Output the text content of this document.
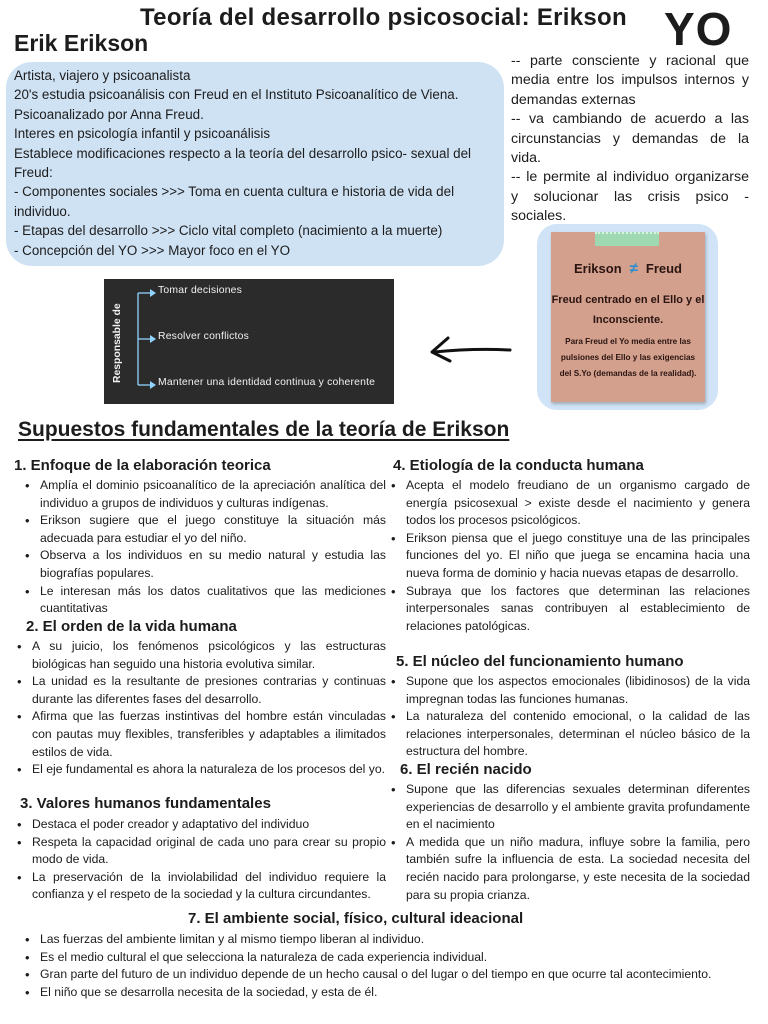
Teoría del desarrollo psicosocial: Erikson YO
Erik Erikson
Artista, viajero y psicoanalista
20's estudia psicoanálisis con Freud en el Instituto Psicoanalítico de Viena.
Psicoanalizado por Anna Freud.
Interes en psicología infantil y psicoanálisis
Establece modificaciones respecto a la teoría del desarrollo psico- sexual del Freud:
- Componentes sociales >>> Toma en cuenta cultura e historia de vida del individuo.
- Etapas del desarrollo >>> Ciclo vital completo (nacimiento a la muerte)
- Concepción del YO >>> Mayor foco en el YO

-- parte consciente y racional que media entre los impulsos internos y demandas externas

-- va cambiando de acuerdo a las circunstancias y demandas de la vida.

-- le permite al individuo organizarse y solucionar las crisis psico - sociales.

Erikson ≠ Freud
Freud centrado en el Ello y el Inconsciente.
Para Freud el Yo media entre las pulsiones del Ello y las exigencias del S.Yo (demandas de la realidad).
Responsable de
Tomar decisiones
Resolver conflictos
Mantener una identidad continua y coherente
Supuestos fundamentales de la teoría de Erikson
1. Enfoque de la elaboración teorica
• Amplía el dominio psicoanalítico de la apreciación analítica del individuo a grupos de individuos y culturas indígenas.
• Erikson sugiere que el juego constituye la situación más adecuada para estudiar el yo del niño.
• Observa a los individuos en su medio natural y estudia las biografías populares.
• Le interesan más los datos cualitativos que las mediciones cuantitativas
2. El orden de la vida humana
• A su juicio, los fenómenos psicológicos y las estructuras biológicas han seguido una historia evolutiva similar.
• La unidad es la resultante de presiones contrarias y continuas durante las diferentes fases del desarrollo.
• Afirma que las fuerzas instintivas del hombre están vinculadas con pautas muy flexibles, transferibles y adaptables a ilimitados estilos de vida.
• El eje fundamental es ahora la naturaleza de los procesos del yo.
3. Valores humanos fundamentales
• Destaca el poder creador y adaptativo del individuo
• Respeta la capacidad original de cada uno para crear su propio modo de vida.
• La preservación de la inviolabilidad del individuo requiere la confianza y el respeto de la sociedad y la cultura circundantes.
4. Etiología de la conducta humana
• Acepta el modelo freudiano de un organismo cargado de energía psicosexual > existe desde el nacimiento y genera todos los procesos psicológicos.
• Erikson piensa que el juego constituye una de las principales funciones del yo. El niño que juega se encamina hacia una nueva forma de dominio y hacia nuevas etapas de desarrollo.
• Subraya que los factores que determinan las relaciones interpersonales sanas contribuyen al establecimiento de relaciones patológicas.
5. El núcleo del funcionamiento humano
• Supone que los aspectos emocionales (libidinosos) de la vida impregnan todas las funciones humanas.
• La naturaleza del contenido emocional, o la calidad de las relaciones interpersonales, determinan el núcleo básico de la estructura del hombre.
6. El recién nacido
• Supone que las diferencias sexuales determinan diferentes experiencias de desarrollo y el ambiente gravita profundamente en el nacimiento
• A medida que un niño madura, influye sobre la familia, pero también sufre la influencia de esta. La sociedad necesita del recién nacido para prolongarse, y este necesita de la sociedad para su propia crianza.
7. El ambiente social, físico, cultural ideacional
• Las fuerzas del ambiente limitan y al mismo tiempo liberan al individuo.
• Es el medio cultural el que selecciona la naturaleza de cada experiencia individual.
• Gran parte del futuro de un individuo depende de un hecho causal o del lugar o del tiempo en que ocurre tal acontecimiento.
• El niño que se desarrolla necesita de la sociedad, y esta de él.
